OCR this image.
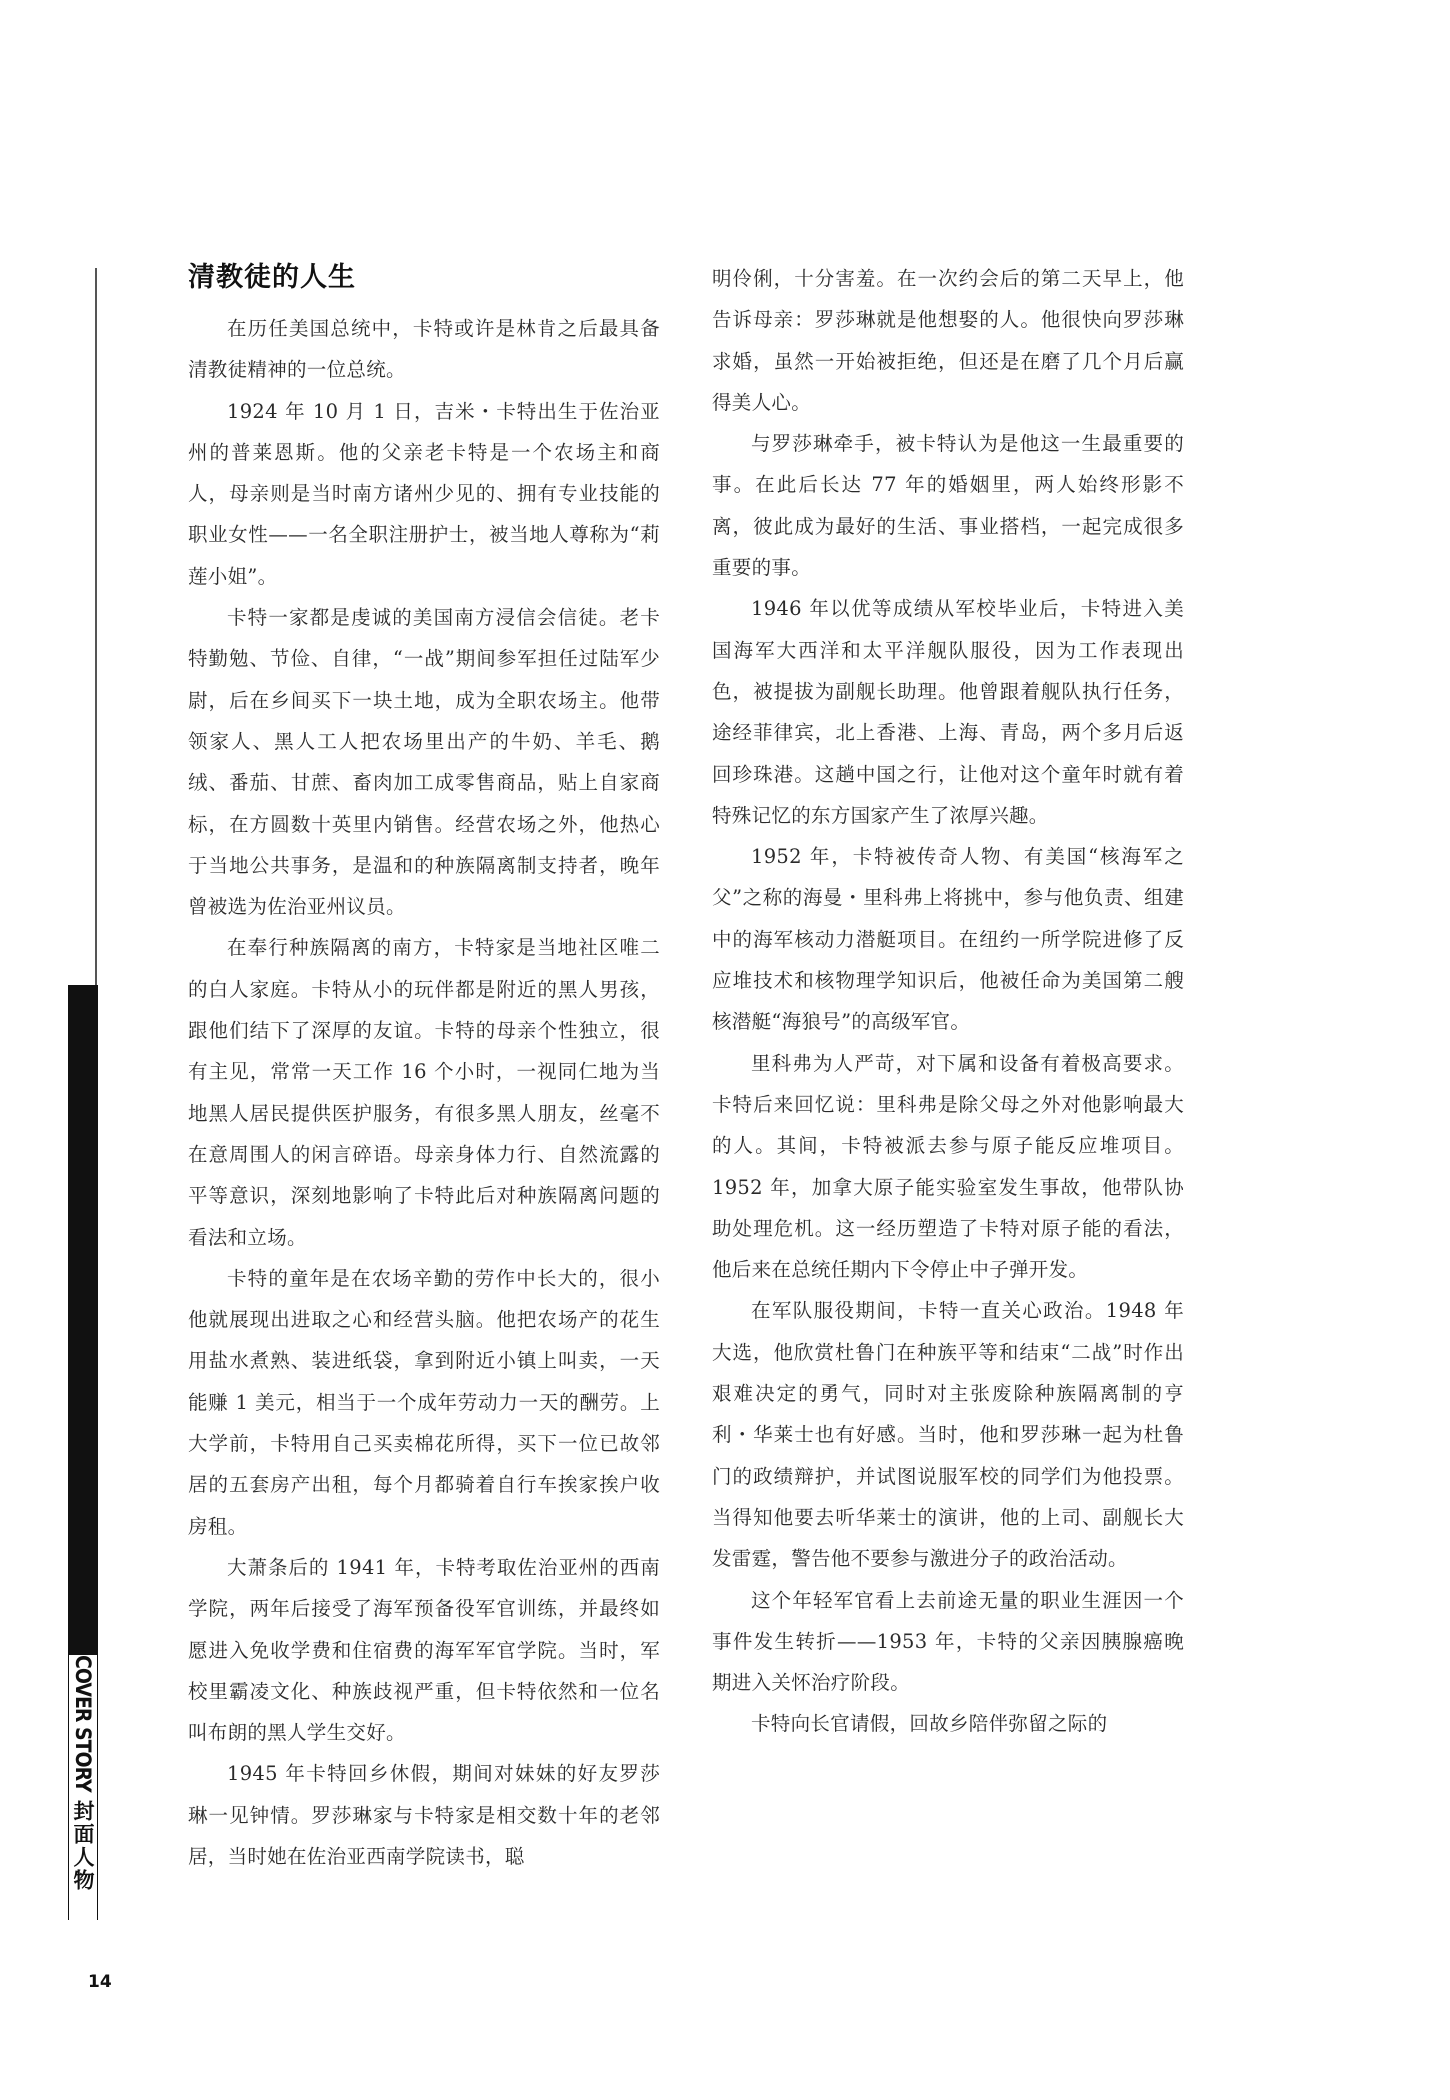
COVER STORY封面人物
14
清教徒的人生

在历任美国总统中，卡特或许是林肯之后最具备清教徒精神的一位总统。

1924 年 10 月 1 日，吉米・卡特出生于佐治亚州的普莱恩斯。他的父亲老卡特是一个农场主和商人，母亲则是当时南方诸州少见的、拥有专业技能的职业女性——一名全职注册护士，被当地人尊称为“莉莲小姐”。

卡特一家都是虔诚的美国南方浸信会信徒。老卡特勤勉、节俭、自律，“一战”期间参军担任过陆军少尉，后在乡间买下一块土地，成为全职农场主。他带领家人、黑人工人把农场里出产的牛奶、羊毛、鹅绒、番茄、甘蔗、畜肉加工成零售商品，贴上自家商标，在方圆数十英里内销售。经营农场之外，他热心于当地公共事务，是温和的种族隔离制支持者，晚年曾被选为佐治亚州议员。

在奉行种族隔离的南方，卡特家是当地社区唯二的白人家庭。卡特从小的玩伴都是附近的黑人男孩，跟他们结下了深厚的友谊。卡特的母亲个性独立，很有主见，常常一天工作 16 个小时，一视同仁地为当地黑人居民提供医护服务，有很多黑人朋友，丝毫不在意周围人的闲言碎语。母亲身体力行、自然流露的平等意识，深刻地影响了卡特此后对种族隔离问题的看法和立场。

卡特的童年是在农场辛勤的劳作中长大的，很小他就展现出进取之心和经营头脑。他把农场产的花生用盐水煮熟、装进纸袋，拿到附近小镇上叫卖，一天能赚 1 美元，相当于一个成年劳动力一天的酬劳。上大学前，卡特用自己买卖棉花所得，买下一位已故邻居的五套房产出租，每个月都骑着自行车挨家挨户收房租。

大萧条后的 1941 年，卡特考取佐治亚州的西南学院，两年后接受了海军预备役军官训练，并最终如愿进入免收学费和住宿费的海军军官学院。当时，军校里霸凌文化、种族歧视严重，但卡特依然和一位名叫布朗的黑人学生交好。

1945 年卡特回乡休假，期间对妹妹的好友罗莎琳一见钟情。罗莎琳家与卡特家是相交数十年的老邻居，当时她在佐治亚西南学院读书，聪

明伶俐，十分害羞。在一次约会后的第二天早上，他告诉母亲：罗莎琳就是他想娶的人。他很快向罗莎琳求婚，虽然一开始被拒绝，但还是在磨了几个月后赢得美人心。

与罗莎琳牵手，被卡特认为是他这一生最重要的事。在此后长达 77 年的婚姻里，两人始终形影不离，彼此成为最好的生活、事业搭档，一起完成很多重要的事。

1946 年以优等成绩从军校毕业后，卡特进入美国海军大西洋和太平洋舰队服役，因为工作表现出色，被提拔为副舰长助理。他曾跟着舰队执行任务，途经菲律宾，北上香港、上海、青岛，两个多月后返回珍珠港。这趟中国之行，让他对这个童年时就有着特殊记忆的东方国家产生了浓厚兴趣。

1952 年，卡特被传奇人物、有美国“核海军之父”之称的海曼・里科弗上将挑中，参与他负责、组建中的海军核动力潜艇项目。在纽约一所学院进修了反应堆技术和核物理学知识后，他被任命为美国第二艘核潜艇“海狼号”的高级军官。

里科弗为人严苛，对下属和设备有着极高要求。卡特后来回忆说：里科弗是除父母之外对他影响最大的人。其间，卡特被派去参与原子能反应堆项目。1952 年，加拿大原子能实验室发生事故，他带队协助处理危机。这一经历塑造了卡特对原子能的看法，他后来在总统任期内下令停止中子弹开发。

在军队服役期间，卡特一直关心政治。1948 年大选，他欣赏杜鲁门在种族平等和结束“二战”时作出艰难决定的勇气，同时对主张废除种族隔离制的亨利・华莱士也有好感。当时，他和罗莎琳一起为杜鲁门的政绩辩护，并试图说服军校的同学们为他投票。当得知他要去听华莱士的演讲，他的上司、副舰长大发雷霆，警告他不要参与激进分子的政治活动。

这个年轻军官看上去前途无量的职业生涯因一个事件发生转折——1953 年，卡特的父亲因胰腺癌晚期进入关怀治疗阶段。

卡特向长官请假，回故乡陪伴弥留之际的
